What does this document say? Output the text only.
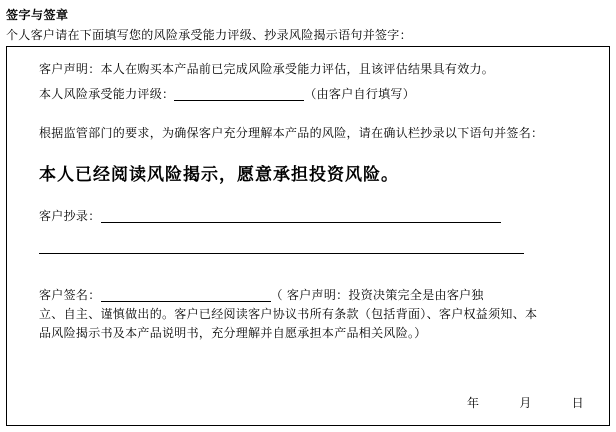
签字与签章
个人客户请在下面填写您的风险承受能力评级、抄录风险揭示语句并签字：
客户声明：本人在购买本产品前已完成风险承受能力评估，且该评估结果具有效力。
本人风险承受能力评级：	（由客户自行填写）
根据监管部门的要求，为确保客户充分理解本产品的风险，请在确认栏抄录以下语句并签名：
本人已经阅读风险揭示，愿意承担投资风险。
客户抄录：
客户签名：	（ 客户声明：投资决策完全是由客户独
立、自主、谨慎做出的。客户已经阅读客户协议书所有条款（包括背面）、客户权益须知、本
品风险揭示书及本产品说明书，充分理解并自愿承担本产品相关风险。）
年	月	日
